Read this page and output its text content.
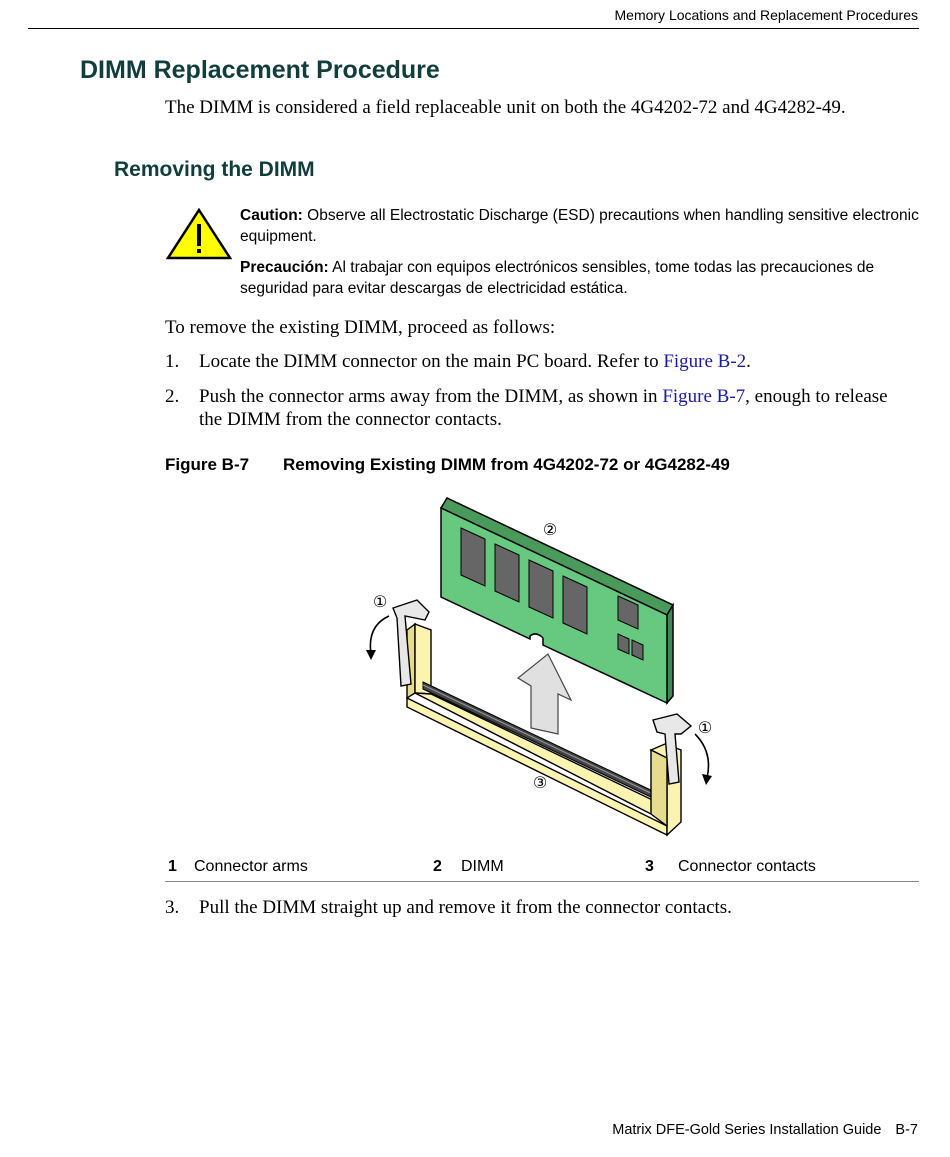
Memory Locations and Replacement Procedures
DIMM Replacement Procedure
The DIMM is considered a field replaceable unit on both the 4G4202-72 and 4G4282-49.
Removing the DIMM
Caution: Observe all Electrostatic Discharge (ESD) precautions when handling sensitive electronic equipment.
Precaución: Al trabajar con equipos electrónicos sensibles, tome todas las precauciones de seguridad para evitar descargas de electricidad estática.
To remove the existing DIMM, proceed as follows:
1. Locate the DIMM connector on the main PC board. Refer to Figure B-2.
2. Push the connector arms away from the DIMM, as shown in Figure B-7, enough to release the DIMM from the connector contacts.
Figure B-7 Removing Existing DIMM from 4G4202-72 or 4G4282-49
②
①
①
③
1 Connector arms	2 DIMM	3 Connector contacts
3. Pull the DIMM straight up and remove it from the connector contacts.
Matrix DFE-Gold Series Installation Guide B-7
